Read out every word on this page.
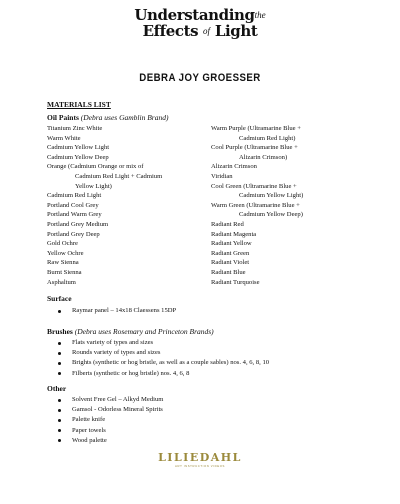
Understanding$^{the}$
Effects $^{of}$ Light
DEBRA JOY GROESSER
MATERIALS LIST
Oil Paints (Debra uses Gamblin Brand)
Titanium Zinc White
Warm White
Cadmium Yellow Light
Cadmium Yellow Deep
Orange (Cadmium Orange or mix of
Cadmium Red Light + Cadmium
Yellow Light)
Cadmium Red Light
Portland Cool Grey
Portland Warm Grey
Portland Grey Medium
Portland Grey Deep
Gold Ochre
Yellow Ochre
Raw Sienna
Burnt Sienna
Asphaltum
Warm Purple (Ultramarine Blue +
Cadmium Red Light)
Cool Purple (Ultramarine Blue +
Alizarin Crimson)
Alizarin Crimson
Viridian
Cool Green (Ultramarine Blue +
Cadmium Yellow Light)
Warm Green (Ultramarine Blue +
Cadmium Yellow Deep)
Radiant Red
Radiant Magenta
Radiant Yellow
Radiant Green
Radiant Violet
Radiant Blue
Radiant Turquoise
Surface
Raymar panel – 14x18 Claessens 15DP
Brushes (Debra uses Rosemary and Princeton Brands)
Flats variety of types and sizes
Rounds variety of types and sizes
Brights (synthetic or hog bristle, as well as a couple sables) nos. 4, 6, 8, 10
Filberts (synthetic or hog bristle) nos. 4, 6, 8
Other
Solvent Free Gel – Alkyd Medium
Gamsol - Odorless Mineral Spirits
Palette knife
Paper towels
Wood palette
LILIEDAHL
ART INSTRUCTION VIDEOS
